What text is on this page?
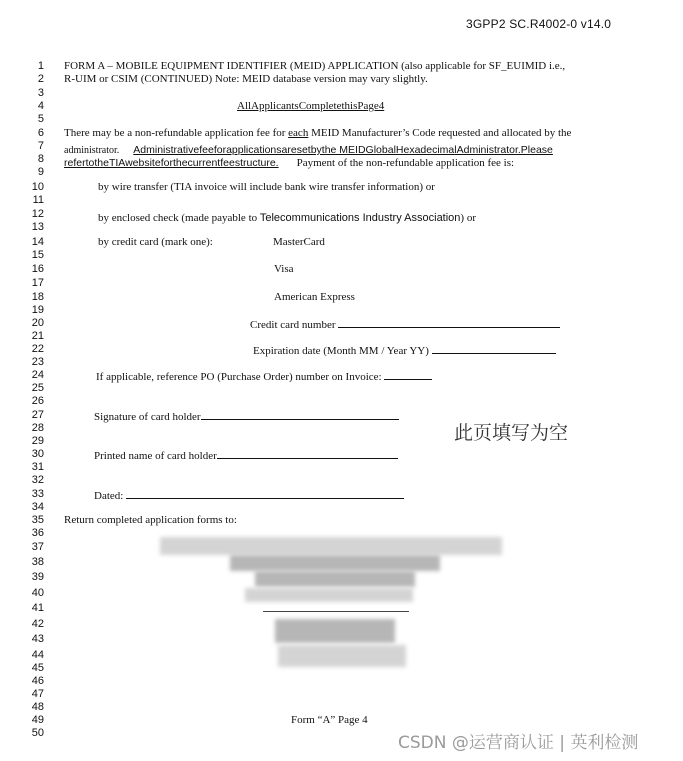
3GPP2 SC.R4002-0 v14.0
1
2
3
4
5
6
7
8
9
10
11
12
13
14
15
16
17
18
19
20
21
22
23
24
25
26
27
28
29
30
31
32
33
34
35
36
37
38
39
40
41
42
43
44
45
46
47
48
49
50
FORM A – MOBILE EQUIPMENT IDENTIFIER (MEID) APPLICATION (also applicable for SF_EUIMID i.e.,
R-UIM or CSIM (CONTINUED) Note: MEID database version may vary slightly.
AllApplicantsCompletethisPage4
There may be a non-refundable application fee for each MEID Manufacturer’s Code requested and allocated by the
administrator. Administrativefeeforapplicationsaresetbythe MEIDGlobalHexadecimalAdministrator.Please
refertotheTIAwebsiteforthecurrentfeestructure. Payment of the non-refundable application fee is:
by wire transfer (TIA invoice will include bank wire transfer information) or
by enclosed check (made payable to Telecommunications Industry Association) or
by credit card (mark one):	MasterCard
Visa
American Express
Credit card number
Expiration date (Month MM / Year YY)
If applicable, reference PO (Purchase Order) number on Invoice:
Signature of card holder
Printed name of card holder
Dated:
Return completed application forms to:
Form “A” Page 4
此页填写为空
CSDN @运营商认证 | 英利检测
